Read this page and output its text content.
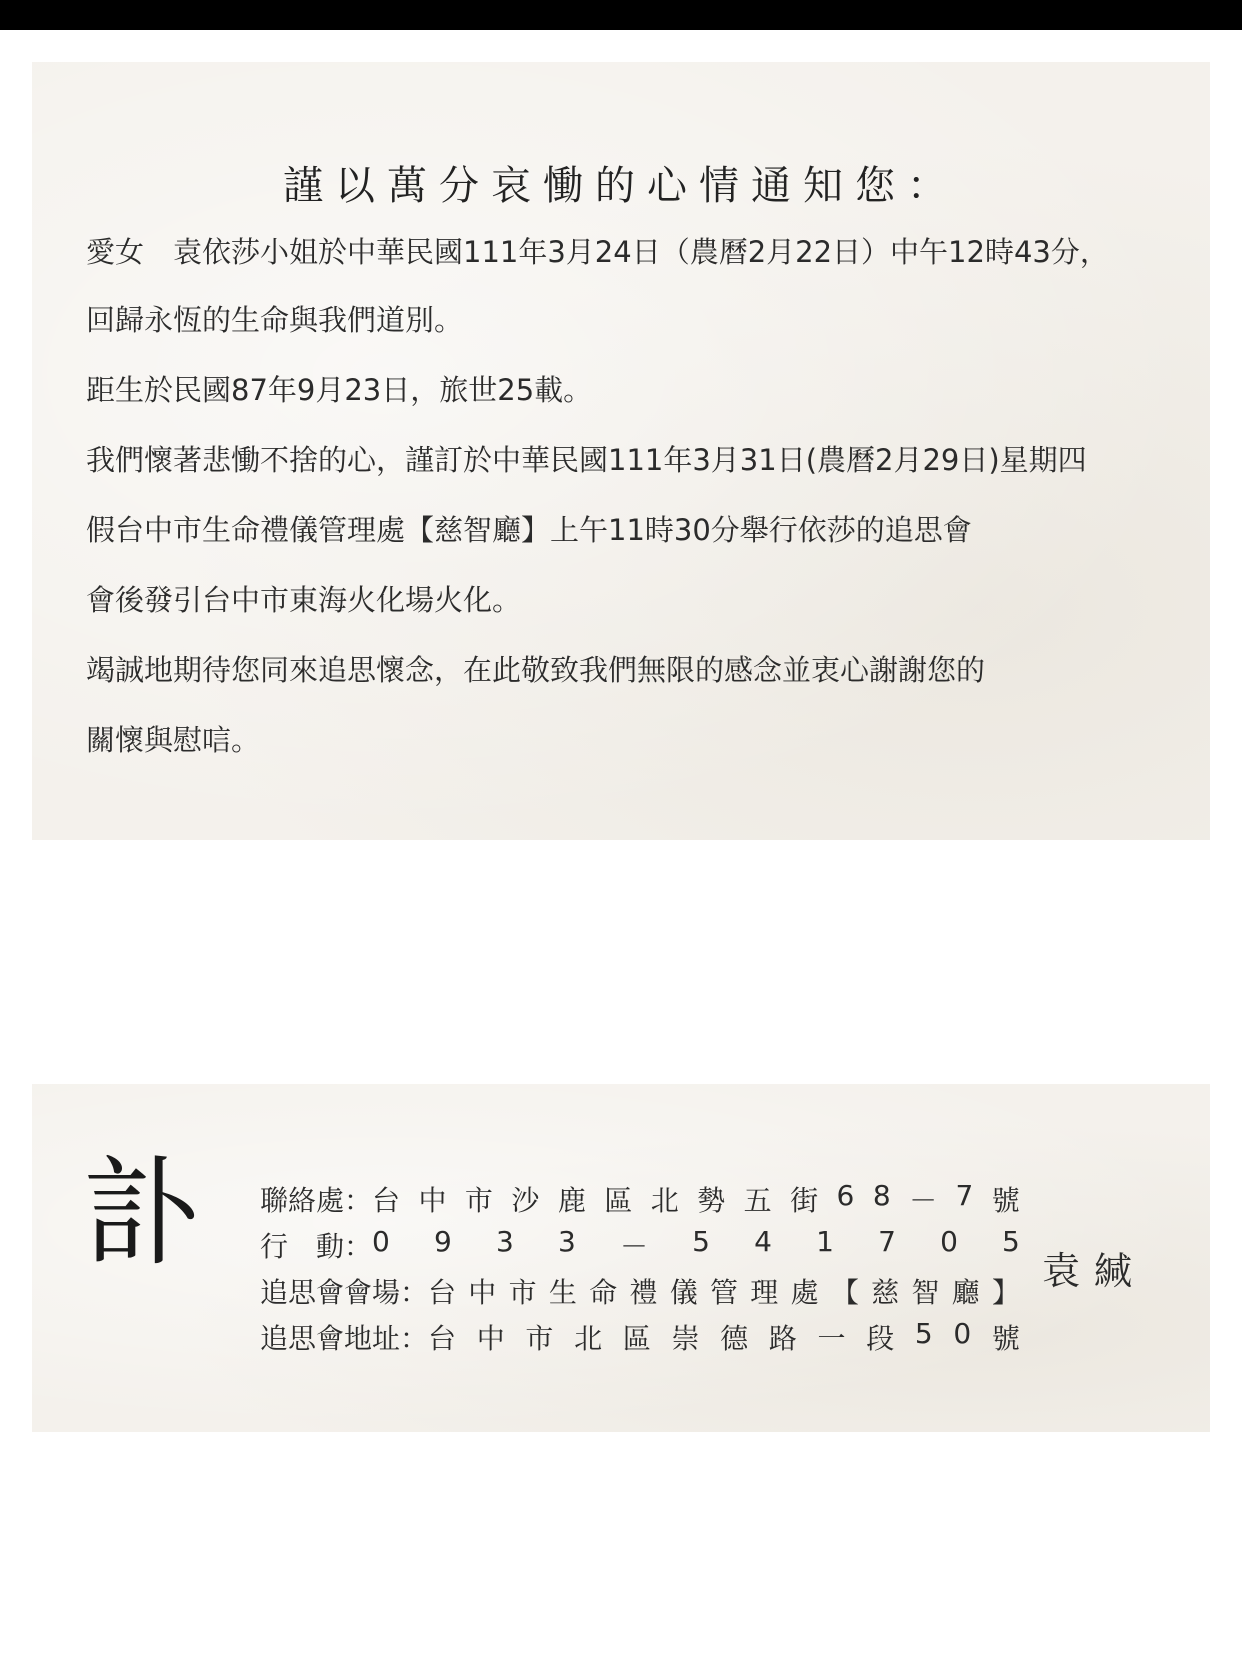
謹以萬分哀慟的心情通知您：
愛女　袁依莎小姐於中華民國111年3月24日（農曆2月22日）中午12時43分，
回歸永恆的生命與我們道別。
距生於民國87年9月23日，旅世25載。
我們懷著悲慟不捨的心，謹訂於中華民國111年3月31日(農曆2月29日)星期四
假台中市生命禮儀管理處【慈智廳】上午11時30分舉行依莎的追思會
會後發引台中市東海火化場火化。
竭誠地期待您同來追思懷念，在此敬致我們無限的感念並衷心謝謝您的
關懷與慰唁。
訃 聯絡處： 台 中 市 沙 鹿 區 北 勢 五 街 6 8 － 7 號
行　動： 0 9 3 3 － 5 4 1 7 0 5
追思會會場： 台 中 市 生 命 禮 儀 管 理 處 【 慈 智 廳 】
追思會地址： 台 中 市 北 區 崇 德 路 一 段 5 0 號
袁緘
